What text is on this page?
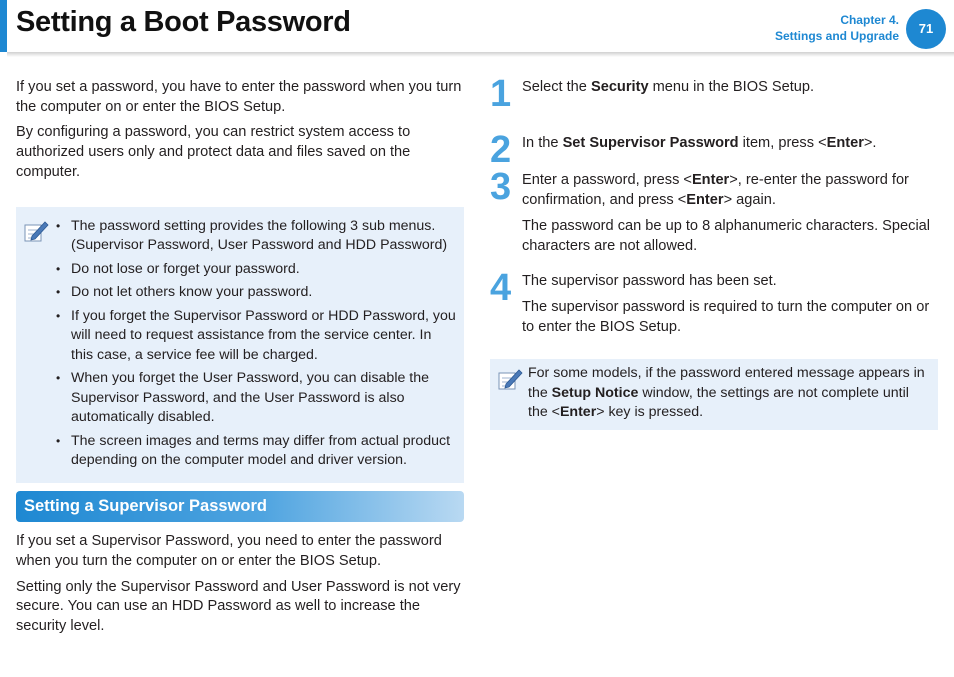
Setting a Boot Password	Chapter 4.
Settings and Upgrade	71

If you set a password, you have to enter the password when you turn the computer on or enter the BIOS Setup.

By configuring a password, you can restrict system access to authorized users only and protect data and files saved on the computer.

• The password setting provides the following 3 sub menus. (Supervisor Password, User Password and HDD Password)
• Do not lose or forget your password.
• Do not let others know your password.
• If you forget the Supervisor Password or HDD Password, you will need to request assistance from the service center. In this case, a service fee will be charged.
• When you forget the User Password, you can disable the Supervisor Password, and the User Password is also automatically disabled.
• The screen images and terms may differ from actual product depending on the computer model and driver version.
Setting a Supervisor Password

If you set a Supervisor Password, you need to enter the password when you turn the computer on or enter the BIOS Setup.

Setting only the Supervisor Password and User Password is not very secure. You can use an HDD Password as well to increase the security level.

1 Select the Security menu in the BIOS Setup.

2 In the Set Supervisor Password item, press <Enter>.

3 Enter a password, press <Enter>, re-enter the password for confirmation, and press <Enter> again.

The password can be up to 8 alphanumeric characters. Special characters are not allowed.

4 The supervisor password has been set.

The supervisor password is required to turn the computer on or to enter the BIOS Setup.

For some models, if the password entered message appears in the Setup Notice window, the settings are not complete until the <Enter> key is pressed.
